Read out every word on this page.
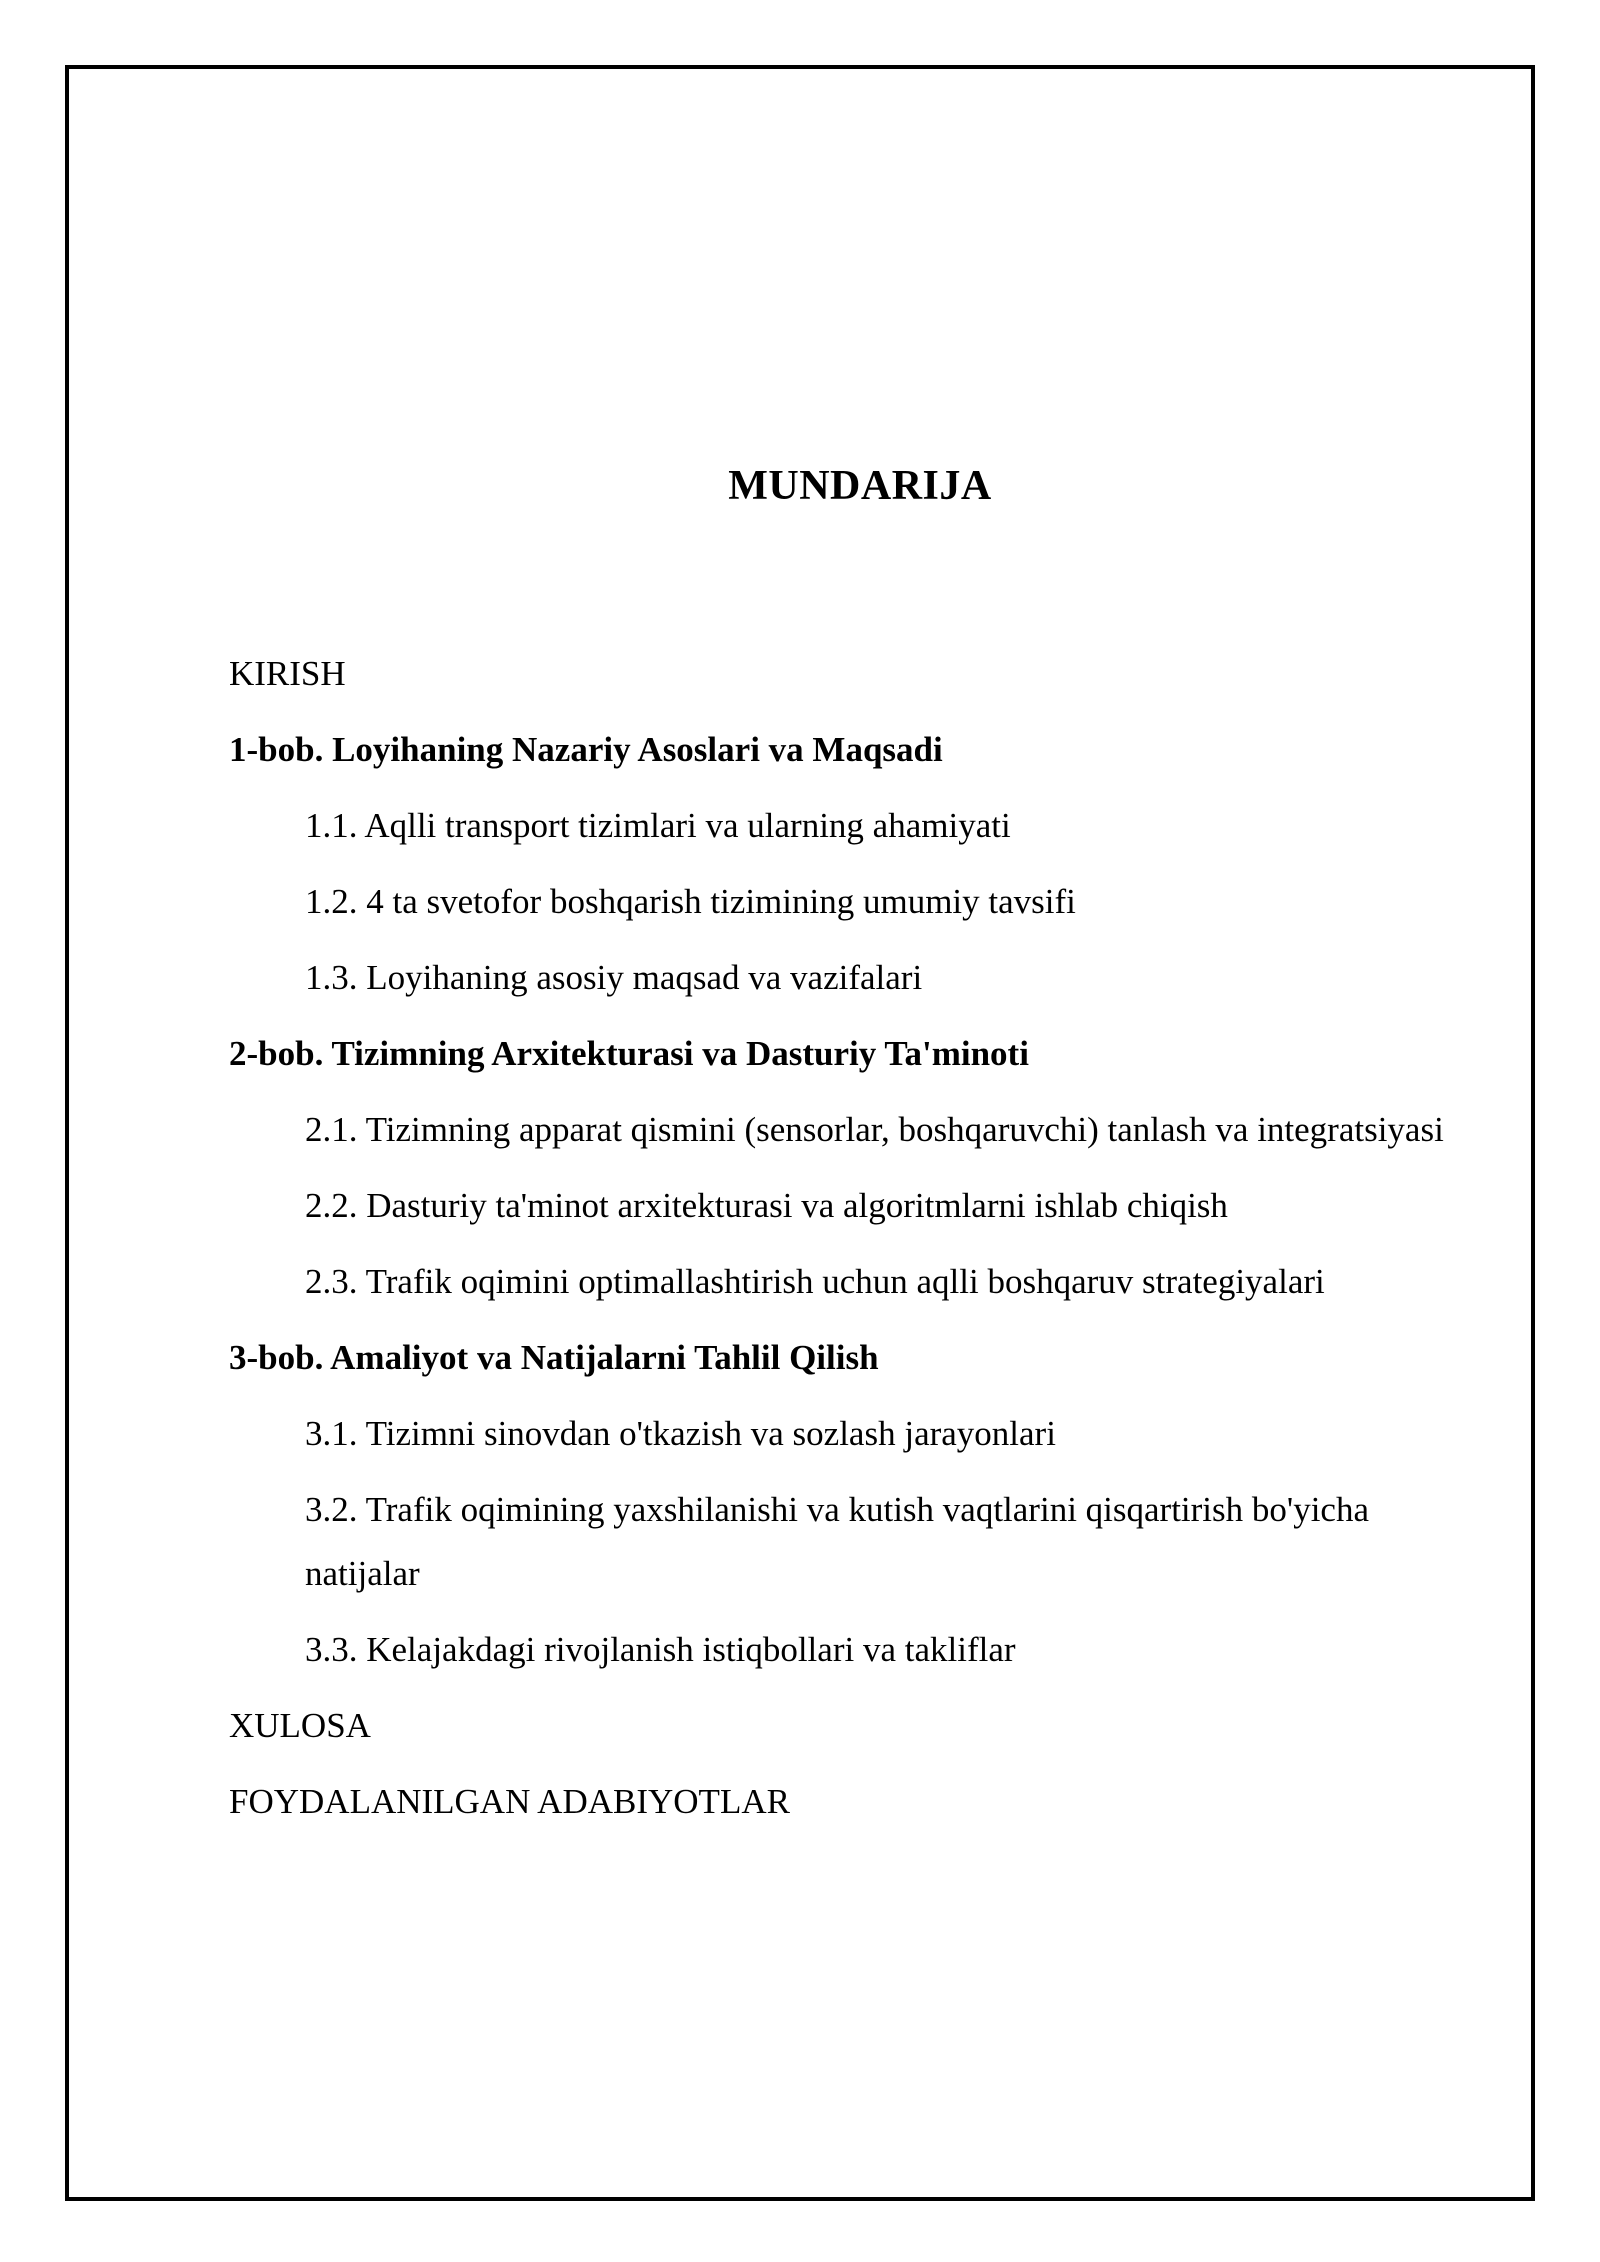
MUNDARIJA
KIRISH
1-bob. Loyihaning Nazariy Asoslari va Maqsadi
1.1. Aqlli transport tizimlari va ularning ahamiyati
1.2. 4 ta svetofor boshqarish tizimining umumiy tavsifi
1.3. Loyihaning asosiy maqsad va vazifalari
2-bob. Tizimning Arxitekturasi va Dasturiy Ta'minoti
2.1. Tizimning apparat qismini (sensorlar, boshqaruvchi) tanlash va integratsiyasi
2.2. Dasturiy ta'minot arxitekturasi va algoritmlarni ishlab chiqish
2.3. Trafik oqimini optimallashtirish uchun aqlli boshqaruv strategiyalari
3-bob. Amaliyot va Natijalarni Tahlil Qilish
3.1. Tizimni sinovdan o'tkazish va sozlash jarayonlari
3.2. Trafik oqimining yaxshilanishi va kutish vaqtlarini qisqartirish bo'yicha natijalar
3.3. Kelajakdagi rivojlanish istiqbollari va takliflar
XULOSA
FOYDALANILGAN ADABIYOTLAR
